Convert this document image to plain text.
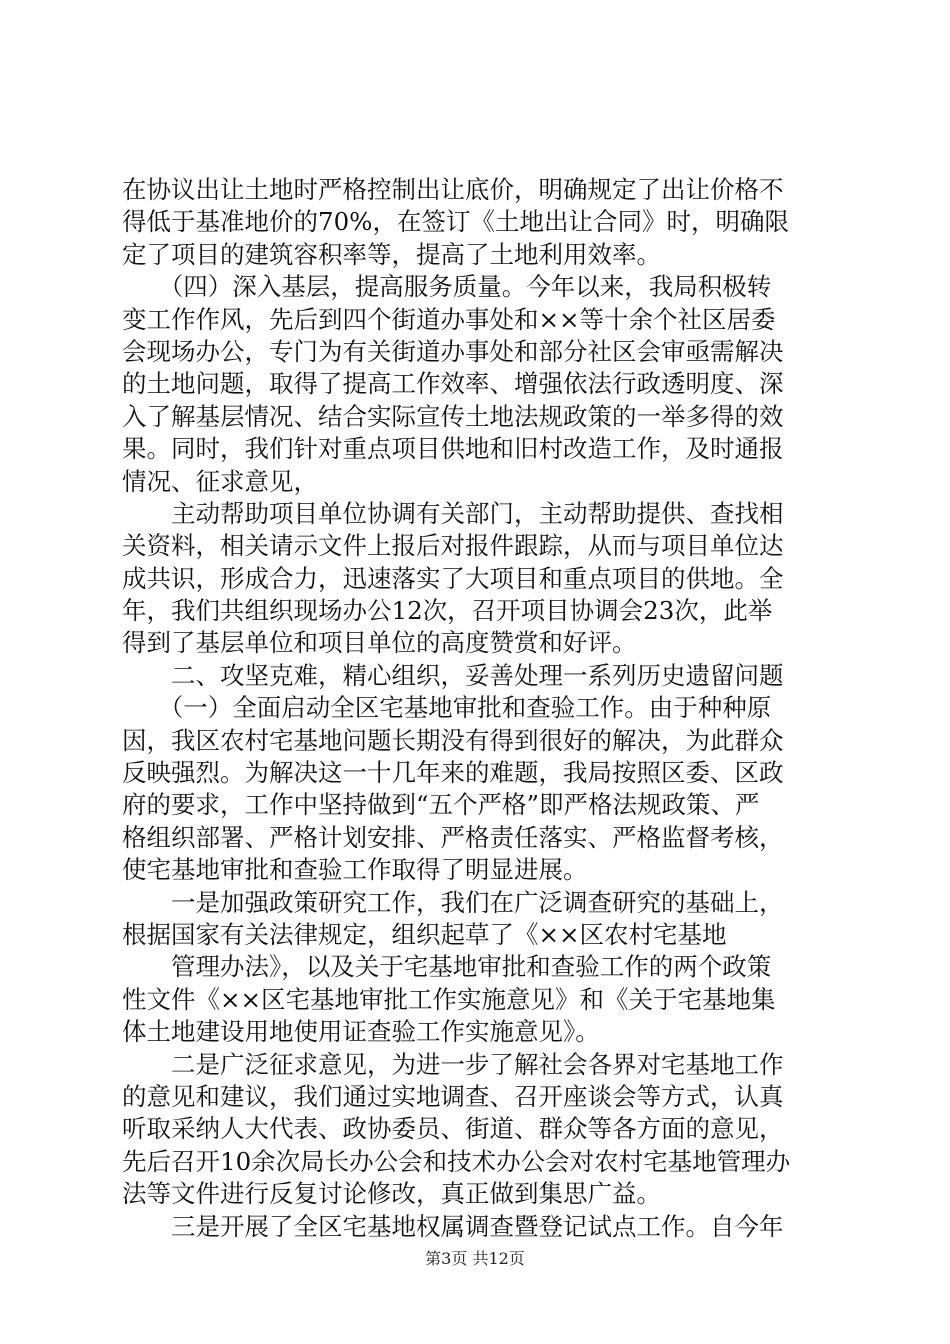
在协议出让土地时严格控制出让底价，明确规定了出让价格不
得低于基准地价的70%，在签订《土地出让合同》时，明确限
定了项目的建筑容积率等，提高了土地利用效率。
　　（四）深入基层，提高服务质量。今年以来，我局积极转
变工作作风，先后到四个街道办事处和××等十余个社区居委
会现场办公，专门为有关街道办事处和部分社区会审亟需解决
的土地问题，取得了提高工作效率、增强依法行政透明度、深
入了解基层情况、结合实际宣传土地法规政策的一举多得的效
果。同时，我们针对重点项目供地和旧村改造工作，及时通报
情况、征求意见，
　　主动帮助项目单位协调有关部门，主动帮助提供、查找相
关资料，相关请示文件上报后对报件跟踪，从而与项目单位达
成共识，形成合力，迅速落实了大项目和重点项目的供地。全
年，我们共组织现场办公12次，召开项目协调会23次，此举
得到了基层单位和项目单位的高度赞赏和好评。
　　二、攻坚克难，精心组织，妥善处理一系列历史遗留问题
　　（一）全面启动全区宅基地审批和查验工作。由于种种原
因，我区农村宅基地问题长期没有得到很好的解决，为此群众
反映强烈。为解决这一十几年来的难题，我局按照区委、区政
府的要求，工作中坚持做到“五个严格”即严格法规政策、严
格组织部署、严格计划安排、严格责任落实、严格监督考核，
使宅基地审批和查验工作取得了明显进展。
　　一是加强政策研究工作，我们在广泛调查研究的基础上，
根据国家有关法律规定，组织起草了《××区农村宅基地
　　管理办法》，以及关于宅基地审批和查验工作的两个政策
性文件《××区宅基地审批工作实施意见》和《关于宅基地集
体土地建设用地使用证查验工作实施意见》。
　　二是广泛征求意见，为进一步了解社会各界对宅基地工作
的意见和建议，我们通过实地调查、召开座谈会等方式，认真
听取采纳人大代表、政协委员、街道、群众等各方面的意见，
先后召开10余次局长办公会和技术办公会对农村宅基地管理办
法等文件进行反复讨论修改，真正做到集思广益。
　　三是开展了全区宅基地权属调查暨登记试点工作。自今年
第3页 共12页
